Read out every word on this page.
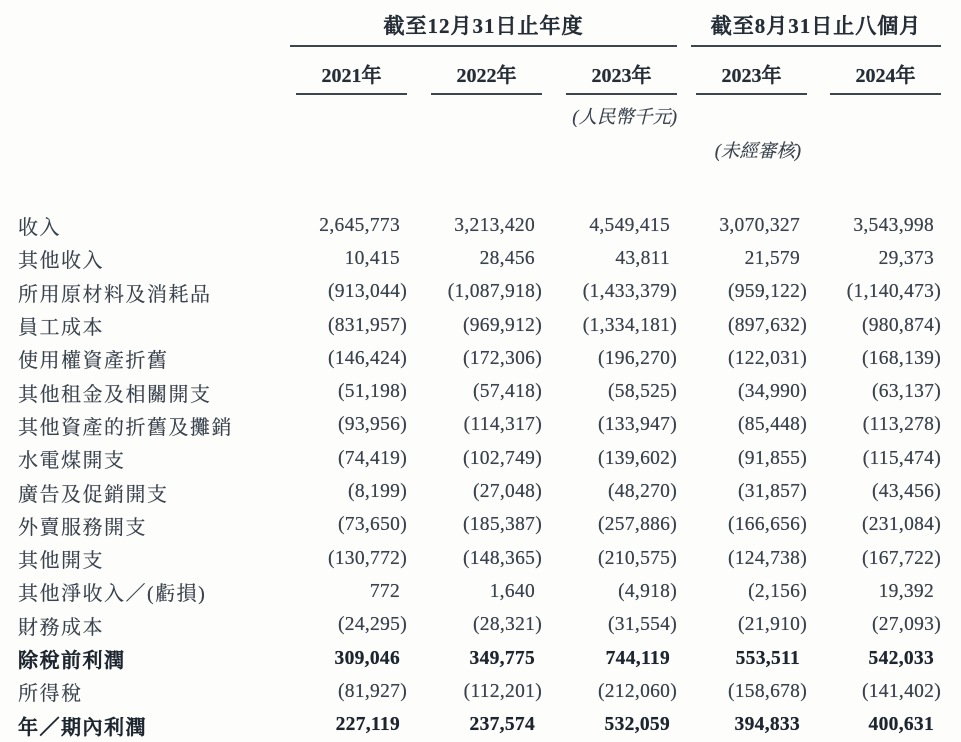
	截至12月31日止年度				截至8月31日止八個月	

	2021年	2022年	2023年		2023年	2024年

			(人民幣千元)			
					(未經審核)	

收入	2,645,773	3,213,420	4,549,415		3,070,327	3,543,998
其他收入	10,415	28,456	43,811		21,579	29,373
所用原材料及消耗品	(913,044)	(1,087,918)	(1,433,379)		(959,122)	(1,140,473)
員工成本	(831,957)	(969,912)	(1,334,181)		(897,632)	(980,874)
使用權資產折舊	(146,424)	(172,306)	(196,270)		(122,031)	(168,139)
其他租金及相關開支	(51,198)	(57,418)	(58,525)		(34,990)	(63,137)
其他資產的折舊及攤銷	(93,956)	(114,317)	(133,947)		(85,448)	(113,278)
水電煤開支	(74,419)	(102,749)	(139,602)		(91,855)	(115,474)
廣告及促銷開支	(8,199)	(27,048)	(48,270)		(31,857)	(43,456)
外賣服務開支	(73,650)	(185,387)	(257,886)		(166,656)	(231,084)
其他開支	(130,772)	(148,365)	(210,575)		(124,738)	(167,722)
其他淨收入／(虧損)	772	1,640	(4,918)		(2,156)	19,392
財務成本	(24,295)	(28,321)	(31,554)		(21,910)	(27,093)
除稅前利潤	309,046	349,775	744,119		553,511	542,033
所得稅	(81,927)	(112,201)	(212,060)		(158,678)	(141,402)
年／期內利潤	227,119	237,574	532,059		394,833	400,631
